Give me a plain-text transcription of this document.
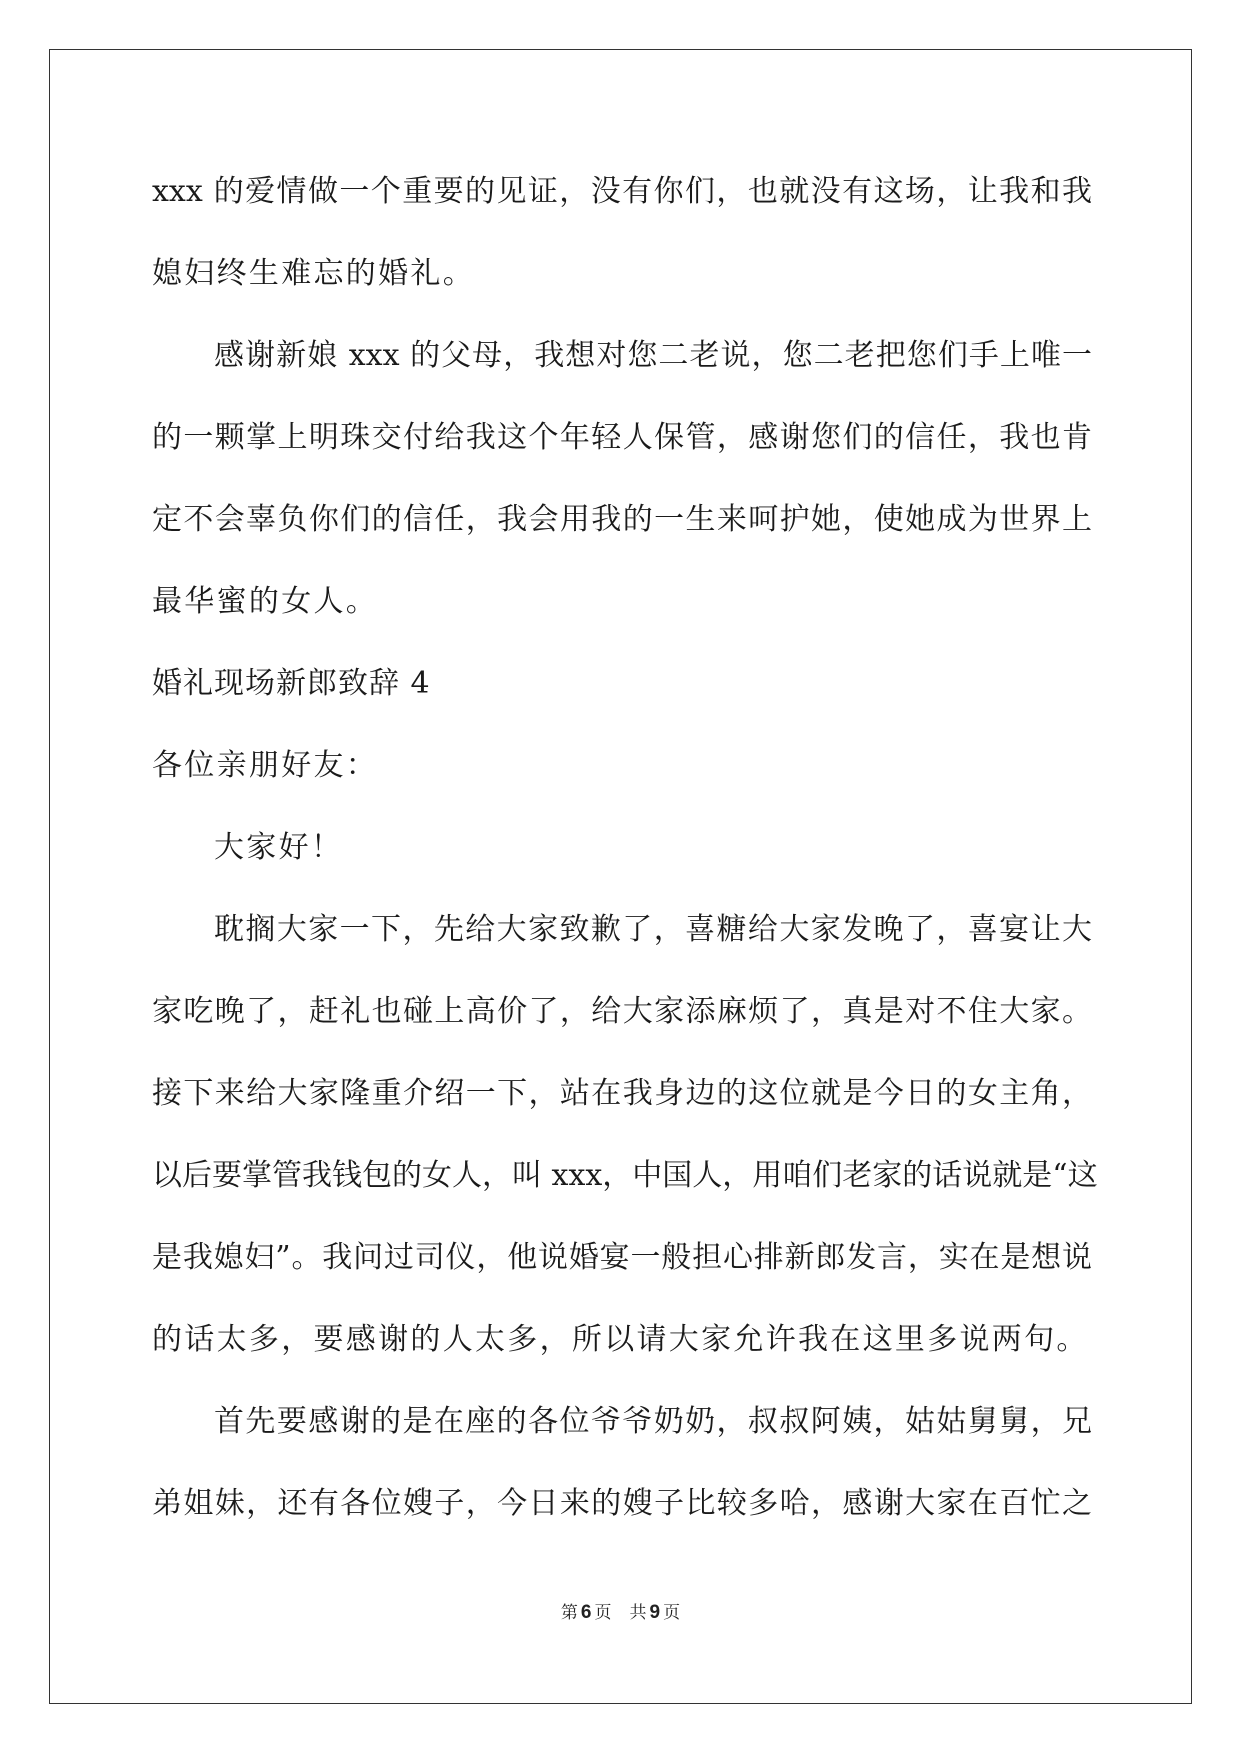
xxx 的爱情做一个重要的见证，没有你们，也就没有这场，让我和我

媳妇终生难忘的婚礼。

感谢新娘 xxx 的父母，我想对您二老说，您二老把您们手上唯一

的一颗掌上明珠交付给我这个年轻人保管，感谢您们的信任，我也肯

定不会辜负你们的信任，我会用我的一生来呵护她，使她成为世界上

最华蜜的女人。

婚礼现场新郎致辞 4

各位亲朋好友：

大家好！

耽搁大家一下，先给大家致歉了，喜糖给大家发晚了，喜宴让大

家吃晚了，赶礼也碰上高价了，给大家添麻烦了，真是对不住大家。

接下来给大家隆重介绍一下，站在我身边的这位就是今日的女主角，

以后要掌管我钱包的女人，叫 xxx，中国人，用咱们老家的话说就是“这

是我媳妇”。我问过司仪，他说婚宴一般担心排新郎发言，实在是想说

的话太多，要感谢的人太多，所以请大家允许我在这里多说两句。

首先要感谢的是在座的各位爷爷奶奶，叔叔阿姨，姑姑舅舅，兄

弟姐妹，还有各位嫂子，今日来的嫂子比较多哈，感谢大家在百忙之

第 6 页 共 9 页
